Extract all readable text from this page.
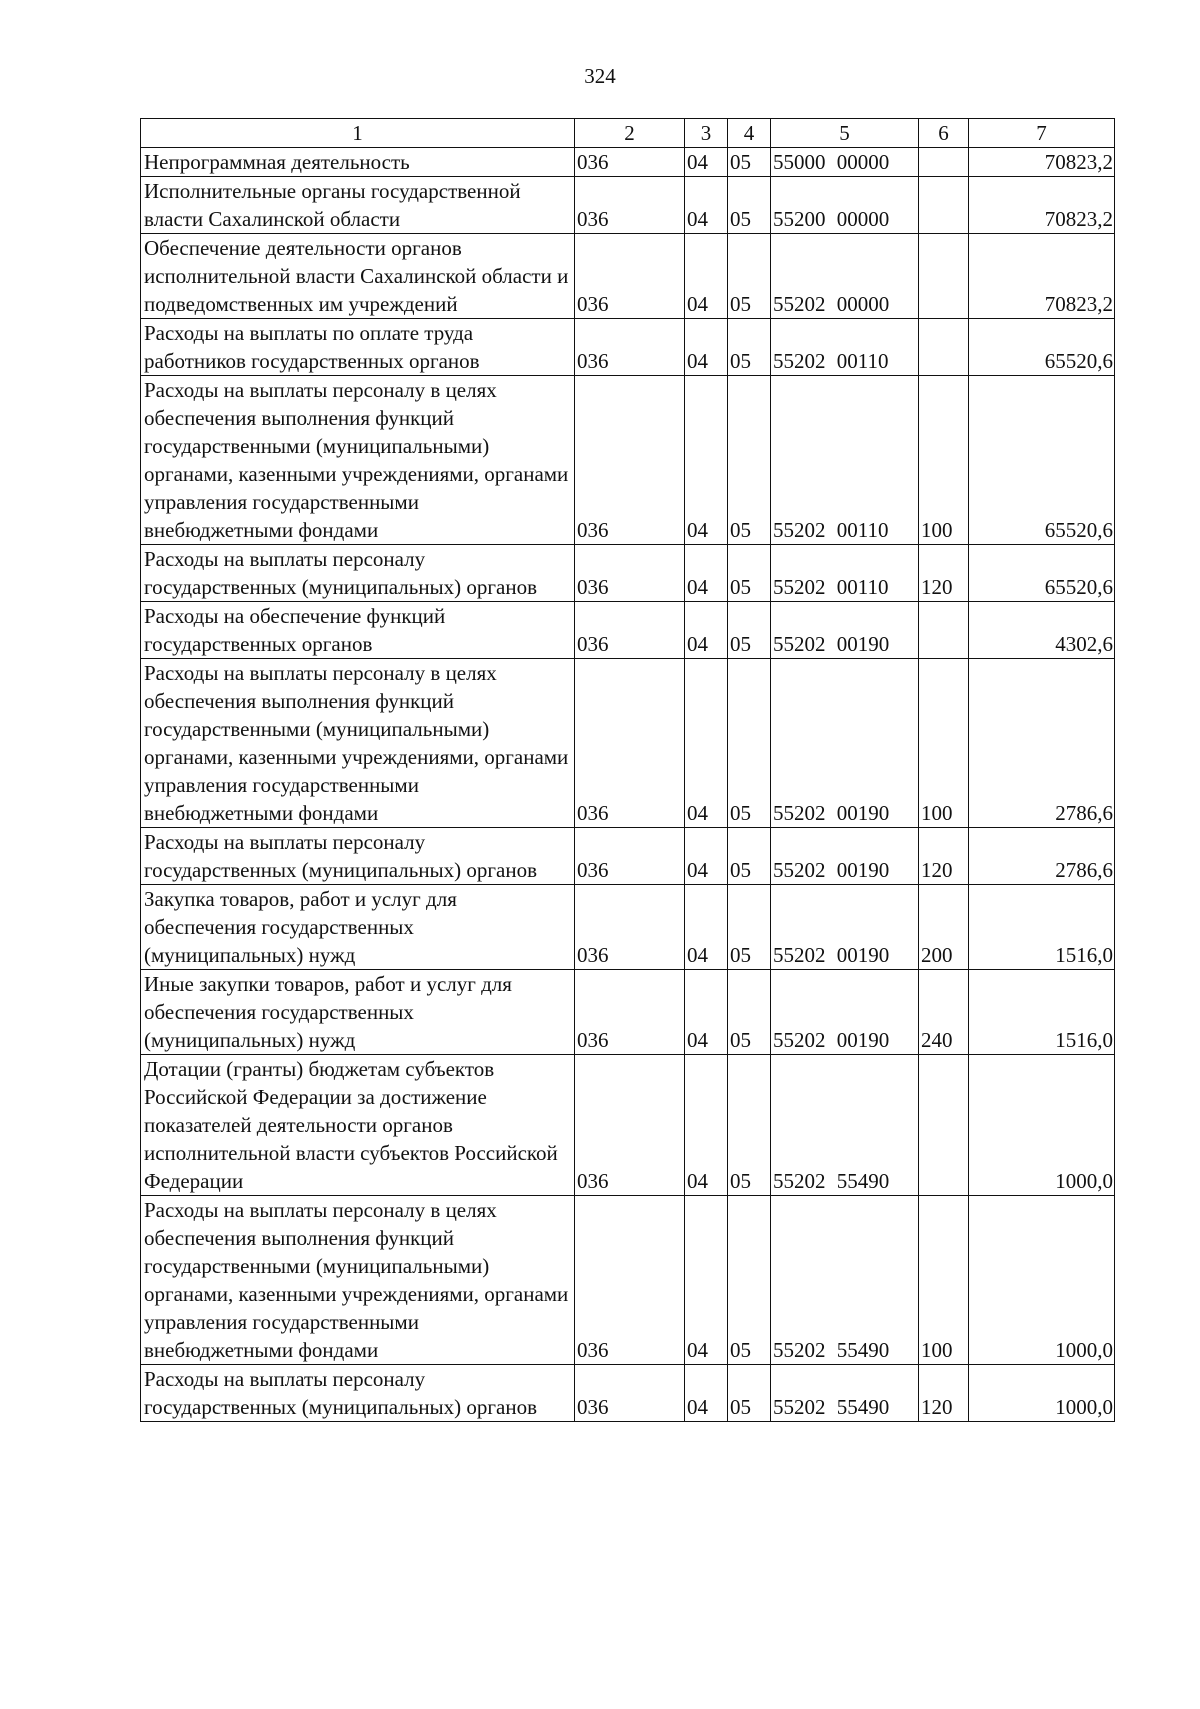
324
1	2	3	4	5	6	7
Непрограммная деятельность	036	04	05	55000 00000		70823,2
Исполнительные органы государственной власти Сахалинской области	036	04	05	55200 00000		70823,2
Обеспечение деятельности органов исполнительной власти Сахалинской области и подведомственных им учреждений	036	04	05	55202 00000		70823,2
Расходы на выплаты по оплате труда работников государственных органов	036	04	05	55202 00110		65520,6
Расходы на выплаты персоналу в целях обеспечения выполнения функций государственными (муниципальными) органами, казенными учреждениями, органами управления государственными внебюджетными фондами	036	04	05	55202 00110	100	65520,6
Расходы на выплаты персоналу государственных (муниципальных) органов	036	04	05	55202 00110	120	65520,6
Расходы на обеспечение функций государственных органов	036	04	05	55202 00190		4302,6
Расходы на выплаты персоналу в целях обеспечения выполнения функций государственными (муниципальными) органами, казенными учреждениями, органами управления государственными внебюджетными фондами	036	04	05	55202 00190	100	2786,6
Расходы на выплаты персоналу государственных (муниципальных) органов	036	04	05	55202 00190	120	2786,6
Закупка товаров, работ и услуг для обеспечения государственных (муниципальных) нужд	036	04	05	55202 00190	200	1516,0
Иные закупки товаров, работ и услуг для обеспечения государственных (муниципальных) нужд	036	04	05	55202 00190	240	1516,0
Дотации (гранты) бюджетам субъектов Российской Федерации за достижение показателей деятельности органов исполнительной власти субъектов Российской Федерации	036	04	05	55202 55490		1000,0
Расходы на выплаты персоналу в целях обеспечения выполнения функций государственными (муниципальными) органами, казенными учреждениями, органами управления государственными внебюджетными фондами	036	04	05	55202 55490	100	1000,0
Расходы на выплаты персоналу государственных (муниципальных) органов	036	04	05	55202 55490	120	1000,0
